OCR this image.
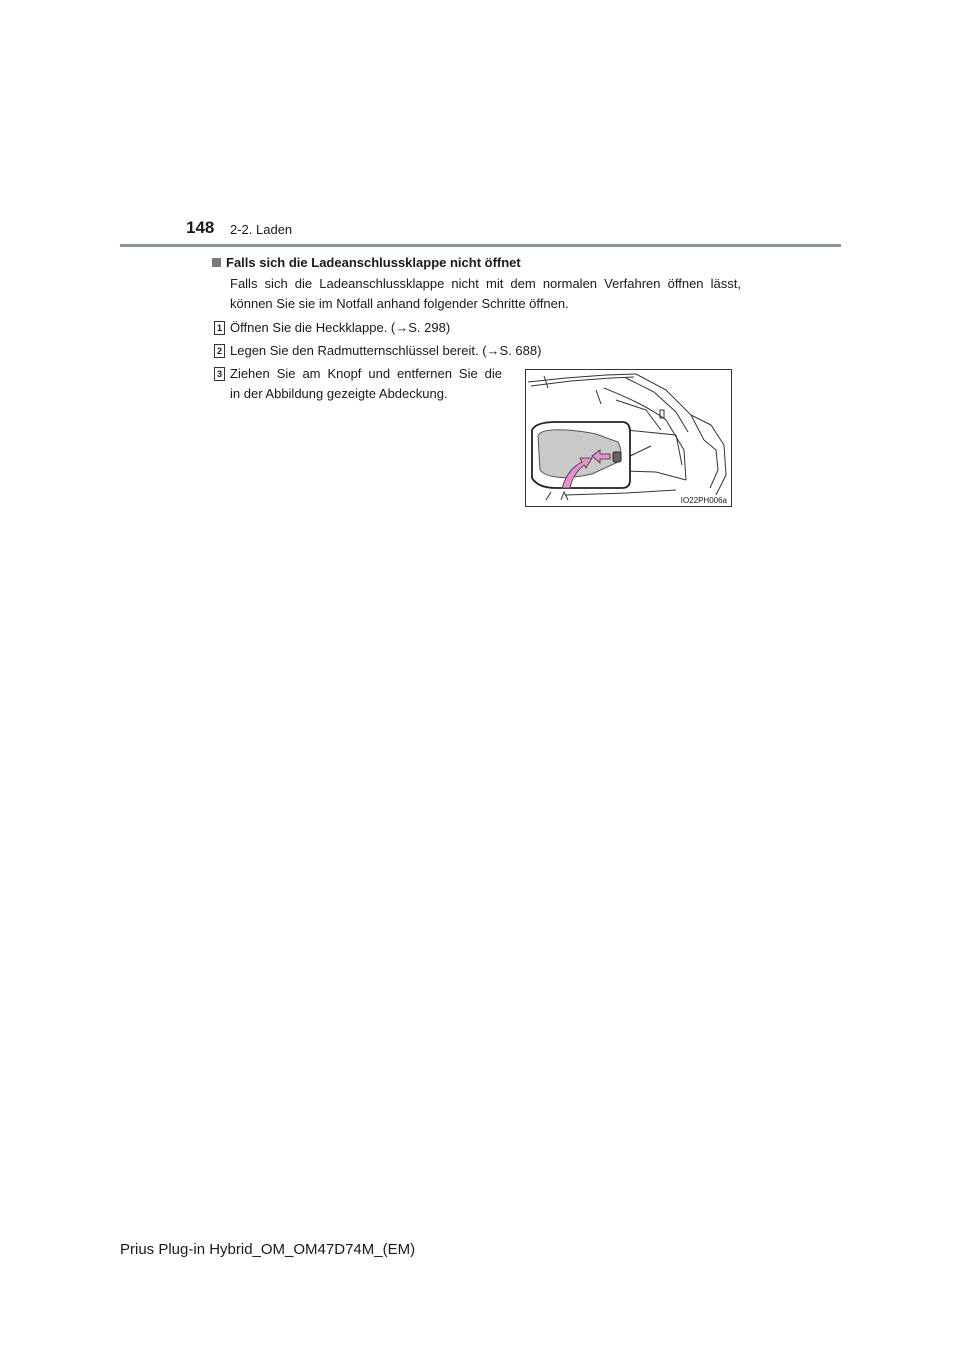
148 2-2. Laden
Falls sich die Ladeanschlussklappe nicht öffnet
Falls sich die Ladeanschlussklappe nicht mit dem normalen Verfahren öffnen lässt,
können Sie sie im Notfall anhand folgender Schritte öffnen.
1 Öffnen Sie die Heckklappe. (→S. 298)
2 Legen Sie den Radmutternschlüssel bereit. (→S. 688)
3 Ziehen Sie am Knopf und entfernen Sie die
in der Abbildung gezeigte Abdeckung.
IO22PH006a
Prius Plug-in Hybrid_OM_OM47D74M_(EM)
